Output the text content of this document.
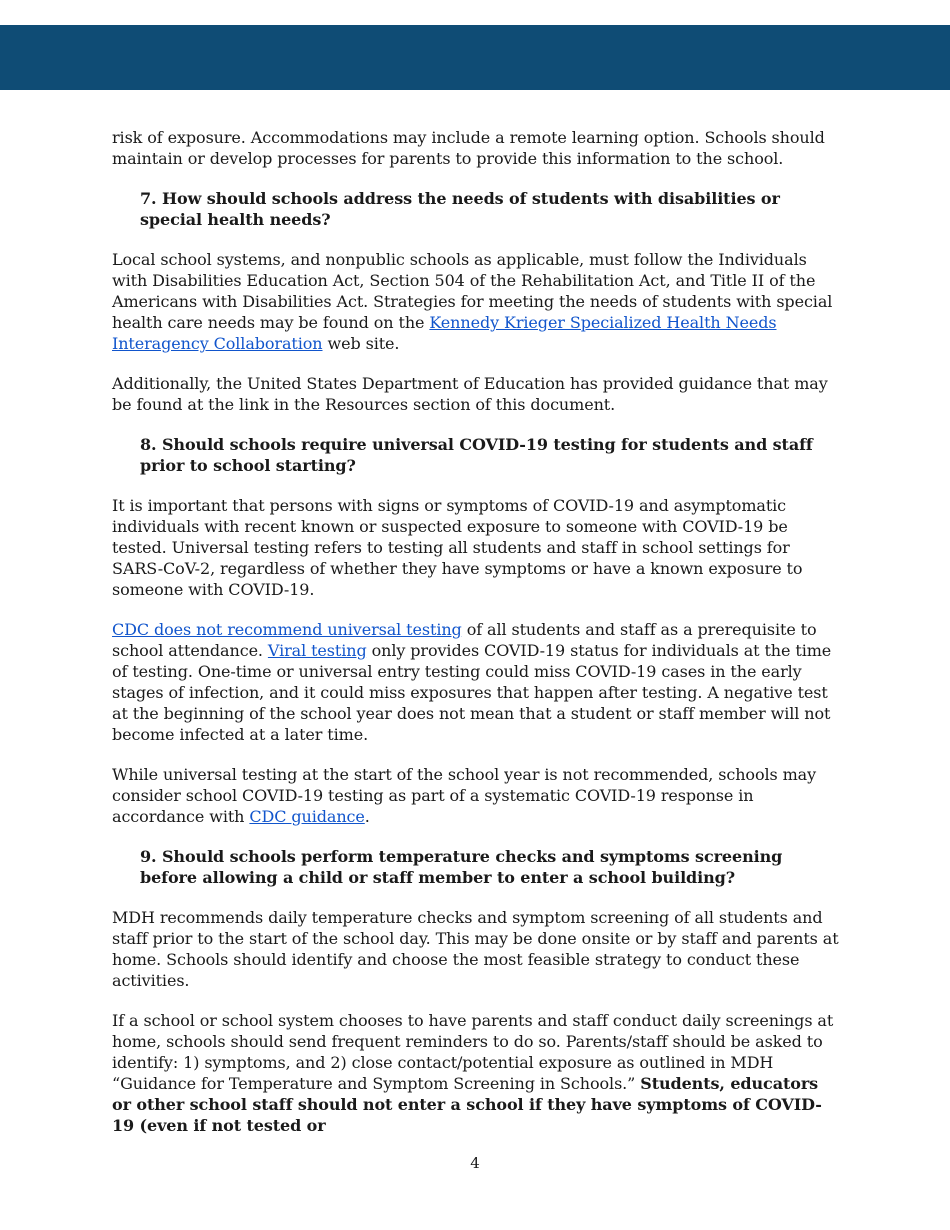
risk of exposure. Accommodations may include a remote learning option. Schools should maintain or develop processes for parents to provide this information to the school.

7. How should schools address the needs of students with disabilities or special health needs?

Local school systems, and nonpublic schools as applicable, must follow the Individuals with Disabilities Education Act, Section 504 of the Rehabilitation Act, and Title II of the Americans with Disabilities Act. Strategies for meeting the needs of students with special health care needs may be found on the Kennedy Krieger Specialized Health Needs Interagency Collaboration web site.

Additionally, the United States Department of Education has provided guidance that may be found at the link in the Resources section of this document.

8. Should schools require universal COVID-19 testing for students and staff prior to school starting?

It is important that persons with signs or symptoms of COVID-19 and asymptomatic individuals with recent known or suspected exposure to someone with COVID-19 be tested. Universal testing refers to testing all students and staff in school settings for SARS-CoV-2, regardless of whether they have symptoms or have a known exposure to someone with COVID-19.

CDC does not recommend universal testing of all students and staff as a prerequisite to school attendance. Viral testing only provides COVID-19 status for individuals at the time of testing. One-time or universal entry testing could miss COVID-19 cases in the early stages of infection, and it could miss exposures that happen after testing. A negative test at the beginning of the school year does not mean that a student or staff member will not become infected at a later time.

While universal testing at the start of the school year is not recommended, schools may consider school COVID-19 testing as part of a systematic COVID-19 response in accordance with CDC guidance.

9. Should schools perform temperature checks and symptoms screening before allowing a child or staff member to enter a school building?

MDH recommends daily temperature checks and symptom screening of all students and staff prior to the start of the school day. This may be done onsite or by staff and parents at home. Schools should identify and choose the most feasible strategy to conduct these activities.

If a school or school system chooses to have parents and staff conduct daily screenings at home, schools should send frequent reminders to do so. Parents/staff should be asked to identify: 1) symptoms, and 2) close contact/potential exposure as outlined in MDH “Guidance for Temperature and Symptom Screening in Schools.” Students, educators or other school staff should not enter a school if they have symptoms of COVID-19 (even if not tested or

4
